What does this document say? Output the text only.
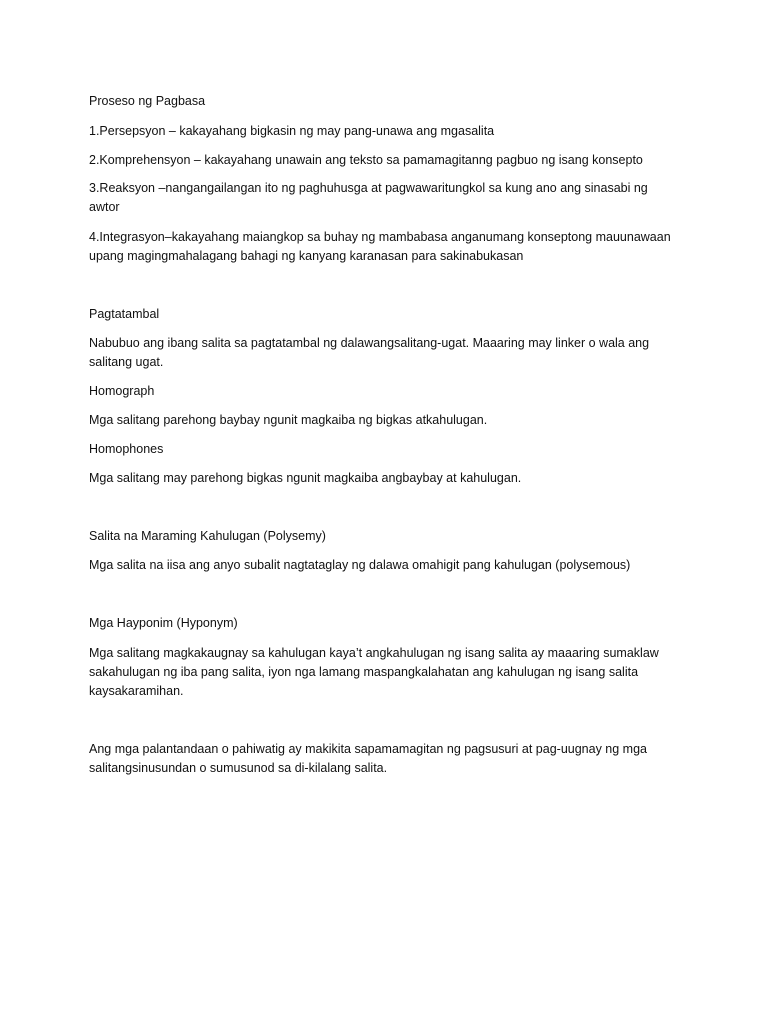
Proseso ng Pagbasa
1.Persepsyon – kakayahang bigkasin ng may pang-unawa ang mgasalita
2.Komprehensyon – kakayahang unawain ang teksto sa pamamagitanng pagbuo ng isang konsepto
3.Reaksyon –nangangailangan ito ng paghuhusga at pagwawaritungkol sa kung ano ang sinasabi ng
awtor
4.Integrasyon–kakayahang maiangkop sa buhay ng mambabasa anganumang konseptong mauunawaan
upang magingmahalagang bahagi ng kanyang karanasan para sakinabukasan
Pagtatambal
Nabubuo ang ibang salita sa pagtatambal ng dalawangsalitang-ugat. Maaaring may linker o wala ang
salitang ugat.
Homograph
Mga salitang parehong baybay ngunit magkaiba ng bigkas atkahulugan.
Homophones
Mga salitang may parehong bigkas ngunit magkaiba angbaybay at kahulugan.
Salita na Maraming Kahulugan (Polysemy)
Mga salita na iisa ang anyo subalit nagtataglay ng dalawa omahigit pang kahulugan (polysemous)
Mga Hayponim (Hyponym)
Mga salitang magkakaugnay sa kahulugan kaya’t angkahulugan ng isang salita ay maaaring sumaklaw
sakahulugan ng iba pang salita, iyon nga lamang maspangkalahatan ang kahulugan ng isang salita
kaysakaramihan.
Ang mga palantandaan o pahiwatig ay makikita sapamamagitan ng pagsusuri at pag-uugnay ng mga
salitangsinusundan o sumusunod sa di-kilalang salita.
